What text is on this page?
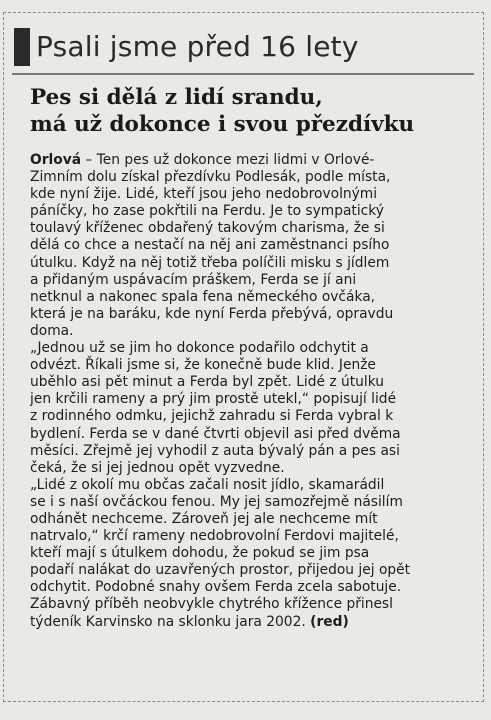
Psali jsme před 16 lety
Pes si dělá z lidí srandu,
má už dokonce i svou přezdívku
Orlová – Ten pes už dokonce mezi lidmi v Orlové-
Zimním dolu získal přezdívku Podlesák, podle místa,
kde nyní žije. Lidé, kteří jsou jeho nedobrovolnými
páníčky, ho zase pokřtili na Ferdu. Je to sympatický
toulavý kříženec obdařený takovým charisma, že si
dělá co chce a nestačí na něj ani zaměstnanci psího
útulku. Když na něj totiž třeba políčili misku s jídlem
a přidaným uspávacím práškem, Ferda se jí ani
netknul a nakonec spala fena německého ovčáka,
která je na baráku, kde nyní Ferda přebývá, opravdu
doma.
„Jednou už se jim ho dokonce podařilo odchytit a
odvézt. Říkali jsme si, že konečně bude klid. Jenže
uběhlo asi pět minut a Ferda byl zpět. Lidé z útulku
jen krčili rameny a prý jim prostě utekl,“ popisují lidé
z rodinného odmku, jejichž zahradu si Ferda vybral k
bydlení. Ferda se v dané čtvrti objevil asi před dvěma
měsíci. Zřejmě jej vyhodil z auta bývalý pán a pes asi
čeká, že si jej jednou opět vyzvedne.
„Lidé z okolí mu občas začali nosit jídlo, skamarádil
se i s naší ovčáckou fenou. My jej samozřejmě násilím
odhánět nechceme. Zároveň jej ale nechceme mít
natrvalo,“ krčí rameny nedobrovolní Ferdovi majitelé,
kteří mají s útulkem dohodu, že pokud se jim psa
podaří nalákat do uzavřených prostor, přijedou jej opět
odchytit. Podobné snahy ovšem Ferda zcela sabotuje.
Zábavný příběh neobvykle chytrého křížence přinesl
týdeník Karvinsko na sklonku jara 2002. (red)
